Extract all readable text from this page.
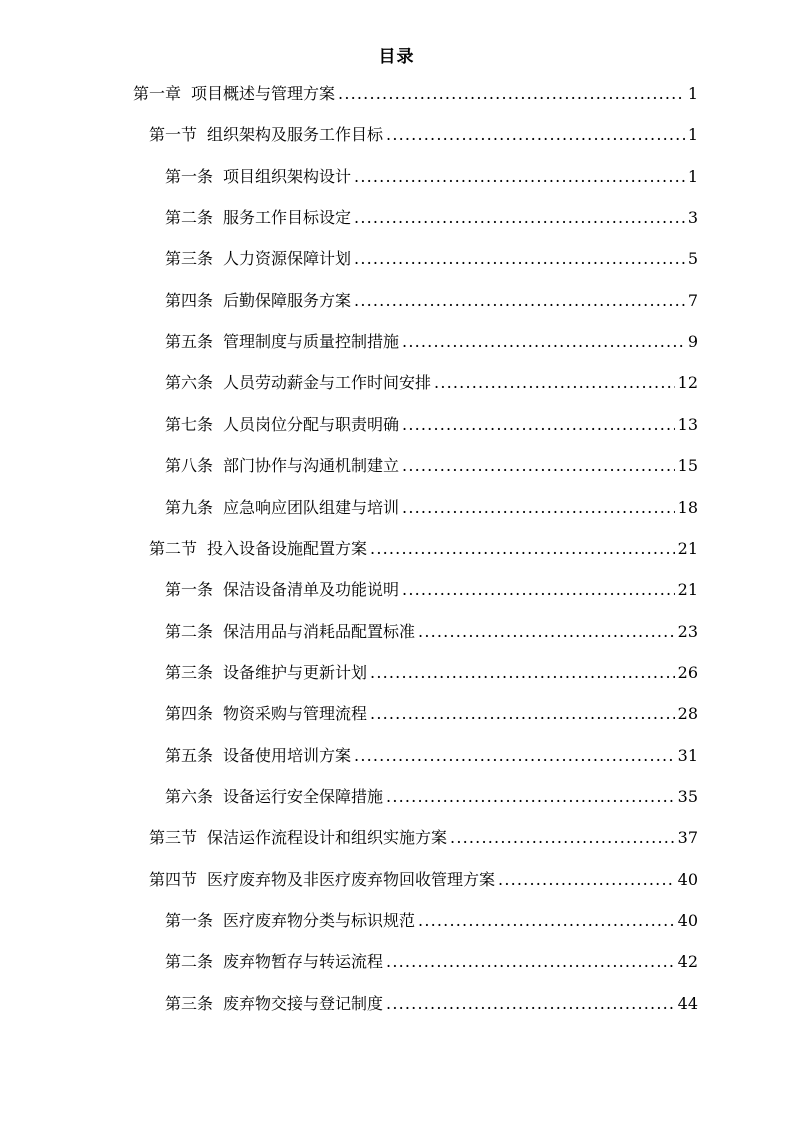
目录
第一章 项目概述与管理方案 .....	1
第一节 组织架构及服务工作目标 .....	1
第一条 项目组织架构设计 .....	1
第二条 服务工作目标设定 .....	3
第三条 人力资源保障计划 .....	5
第四条 后勤保障服务方案 .....	7
第五条 管理制度与质量控制措施 .....	9
第六条 人员劳动薪金与工作时间安排 .....	12
第七条 人员岗位分配与职责明确 .....	13
第八条 部门协作与沟通机制建立 .....	15
第九条 应急响应团队组建与培训 .....	18
第二节 投入设备设施配置方案 .....	21
第一条 保洁设备清单及功能说明 .....	21
第二条 保洁用品与消耗品配置标准 .....	23
第三条 设备维护与更新计划 .....	26
第四条 物资采购与管理流程 .....	28
第五条 设备使用培训方案 .....	31
第六条 设备运行安全保障措施 .....	35
第三节 保洁运作流程设计和组织实施方案 .....	37
第四节 医疗废弃物及非医疗废弃物回收管理方案 .....	40
第一条 医疗废弃物分类与标识规范 .....	40
第二条 废弃物暂存与转运流程 .....	42
第三条 废弃物交接与登记制度 .....	44
